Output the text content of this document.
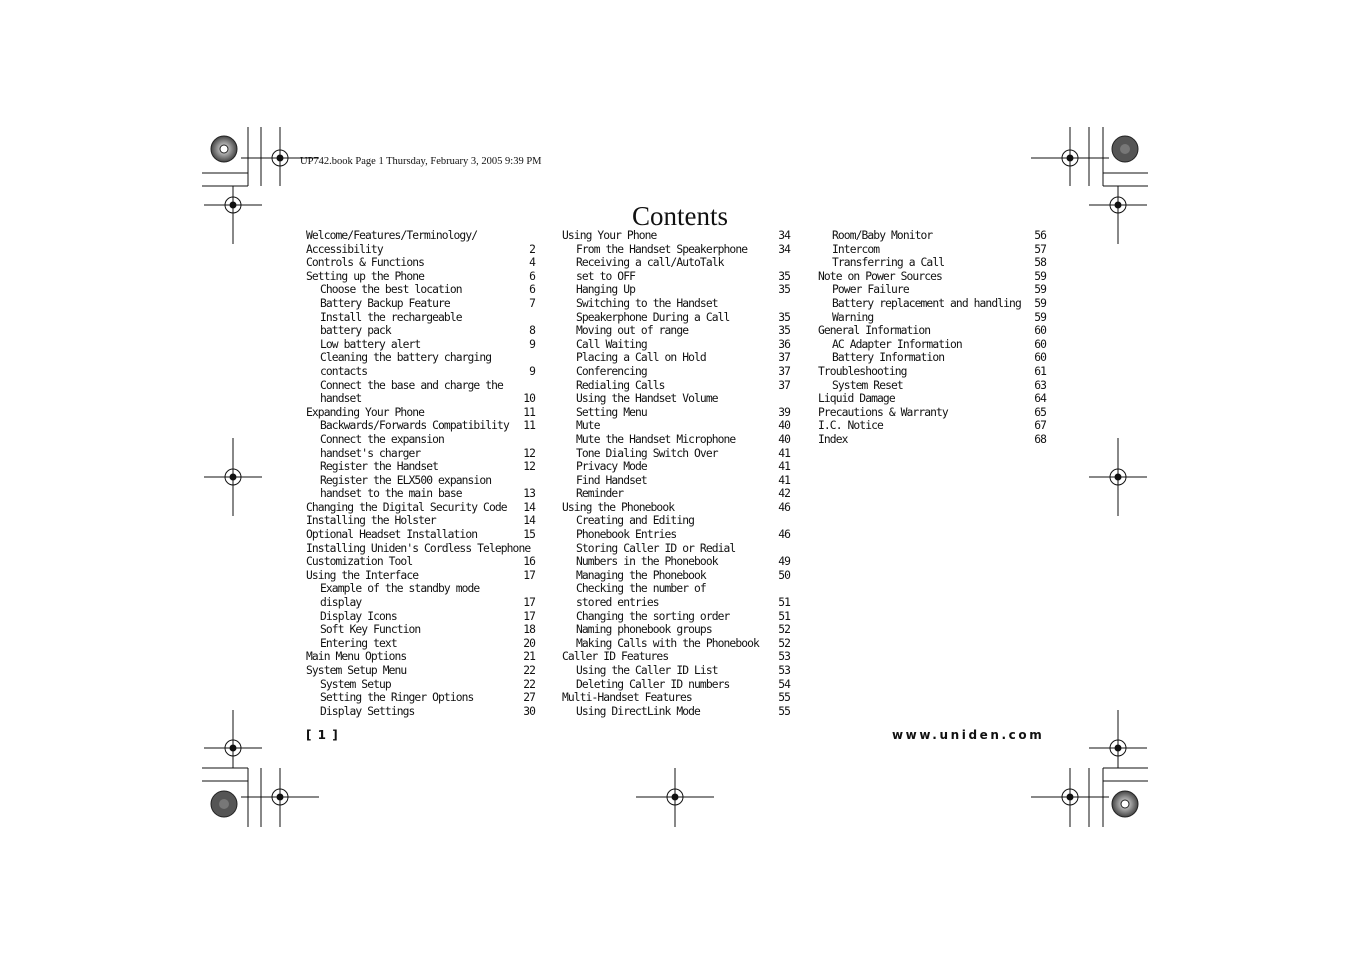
UP742.book Page 1 Thursday, February 3, 2005 9:39 PM
Contents
Welcome/Features/Terminology/
Accessibility	2
Controls & Functions	4
Setting up the Phone	6
Choose the best location	6
Battery Backup Feature	7
Install the rechargeable
battery pack	8
Low battery alert	9
Cleaning the battery charging
contacts	9
Connect the base and charge the
handset	10
Expanding Your Phone	11
Backwards/Forwards Compatibility 11
Connect the expansion
handset's charger	12
Register the Handset	12
Register the ELX500 expansion
handset to the main base	13
Changing the Digital Security Code 14
Installing the Holster	14
Optional Headset Installation	15
Installing Uniden's Cordless Telephone
Customization Tool	16
Using the Interface	17
Example of the standby mode
display	17
Display Icons	17
Soft Key Function	18
Entering text	20
Main Menu Options	21
System Setup Menu	22
System Setup	22
Setting the Ringer Options	27
Display Settings	30
Using Your Phone	34
From the Handset Speakerphone	34
Receiving a call/AutoTalk
set to OFF	35
Hanging Up	35
Switching to the Handset
Speakerphone During a Call	35
Moving out of range	35
Call Waiting	36
Placing a Call on Hold	37
Conferencing	37
Redialing Calls	37
Using the Handset Volume
Setting Menu	39
Mute	40
Mute the Handset Microphone	40
Tone Dialing Switch Over	41
Privacy Mode	41
Find Handset	41
Reminder	42
Using the Phonebook	46
Creating and Editing
Phonebook Entries	46
Storing Caller ID or Redial
Numbers in the Phonebook	49
Managing the Phonebook	50
Checking the number of
stored entries	51
Changing the sorting order	51
Naming phonebook groups	52
Making Calls with the Phonebook 52
Caller ID Features	53
Using the Caller ID List	53
Deleting Caller ID numbers	54
Multi-Handset Features	55
Using DirectLink Mode	55
Room/Baby Monitor	56
Intercom	57
Transferring a Call	58
Note on Power Sources	59
Power Failure	59
Battery replacement and handling 59
Warning	59
General Information	60
AC Adapter Information	60
Battery Information	60
Troubleshooting	61
System Reset	63
Liquid Damage	64
Precautions & Warranty	65
I.C. Notice	67
Index	68
[ 1 ]	www.uniden.com
